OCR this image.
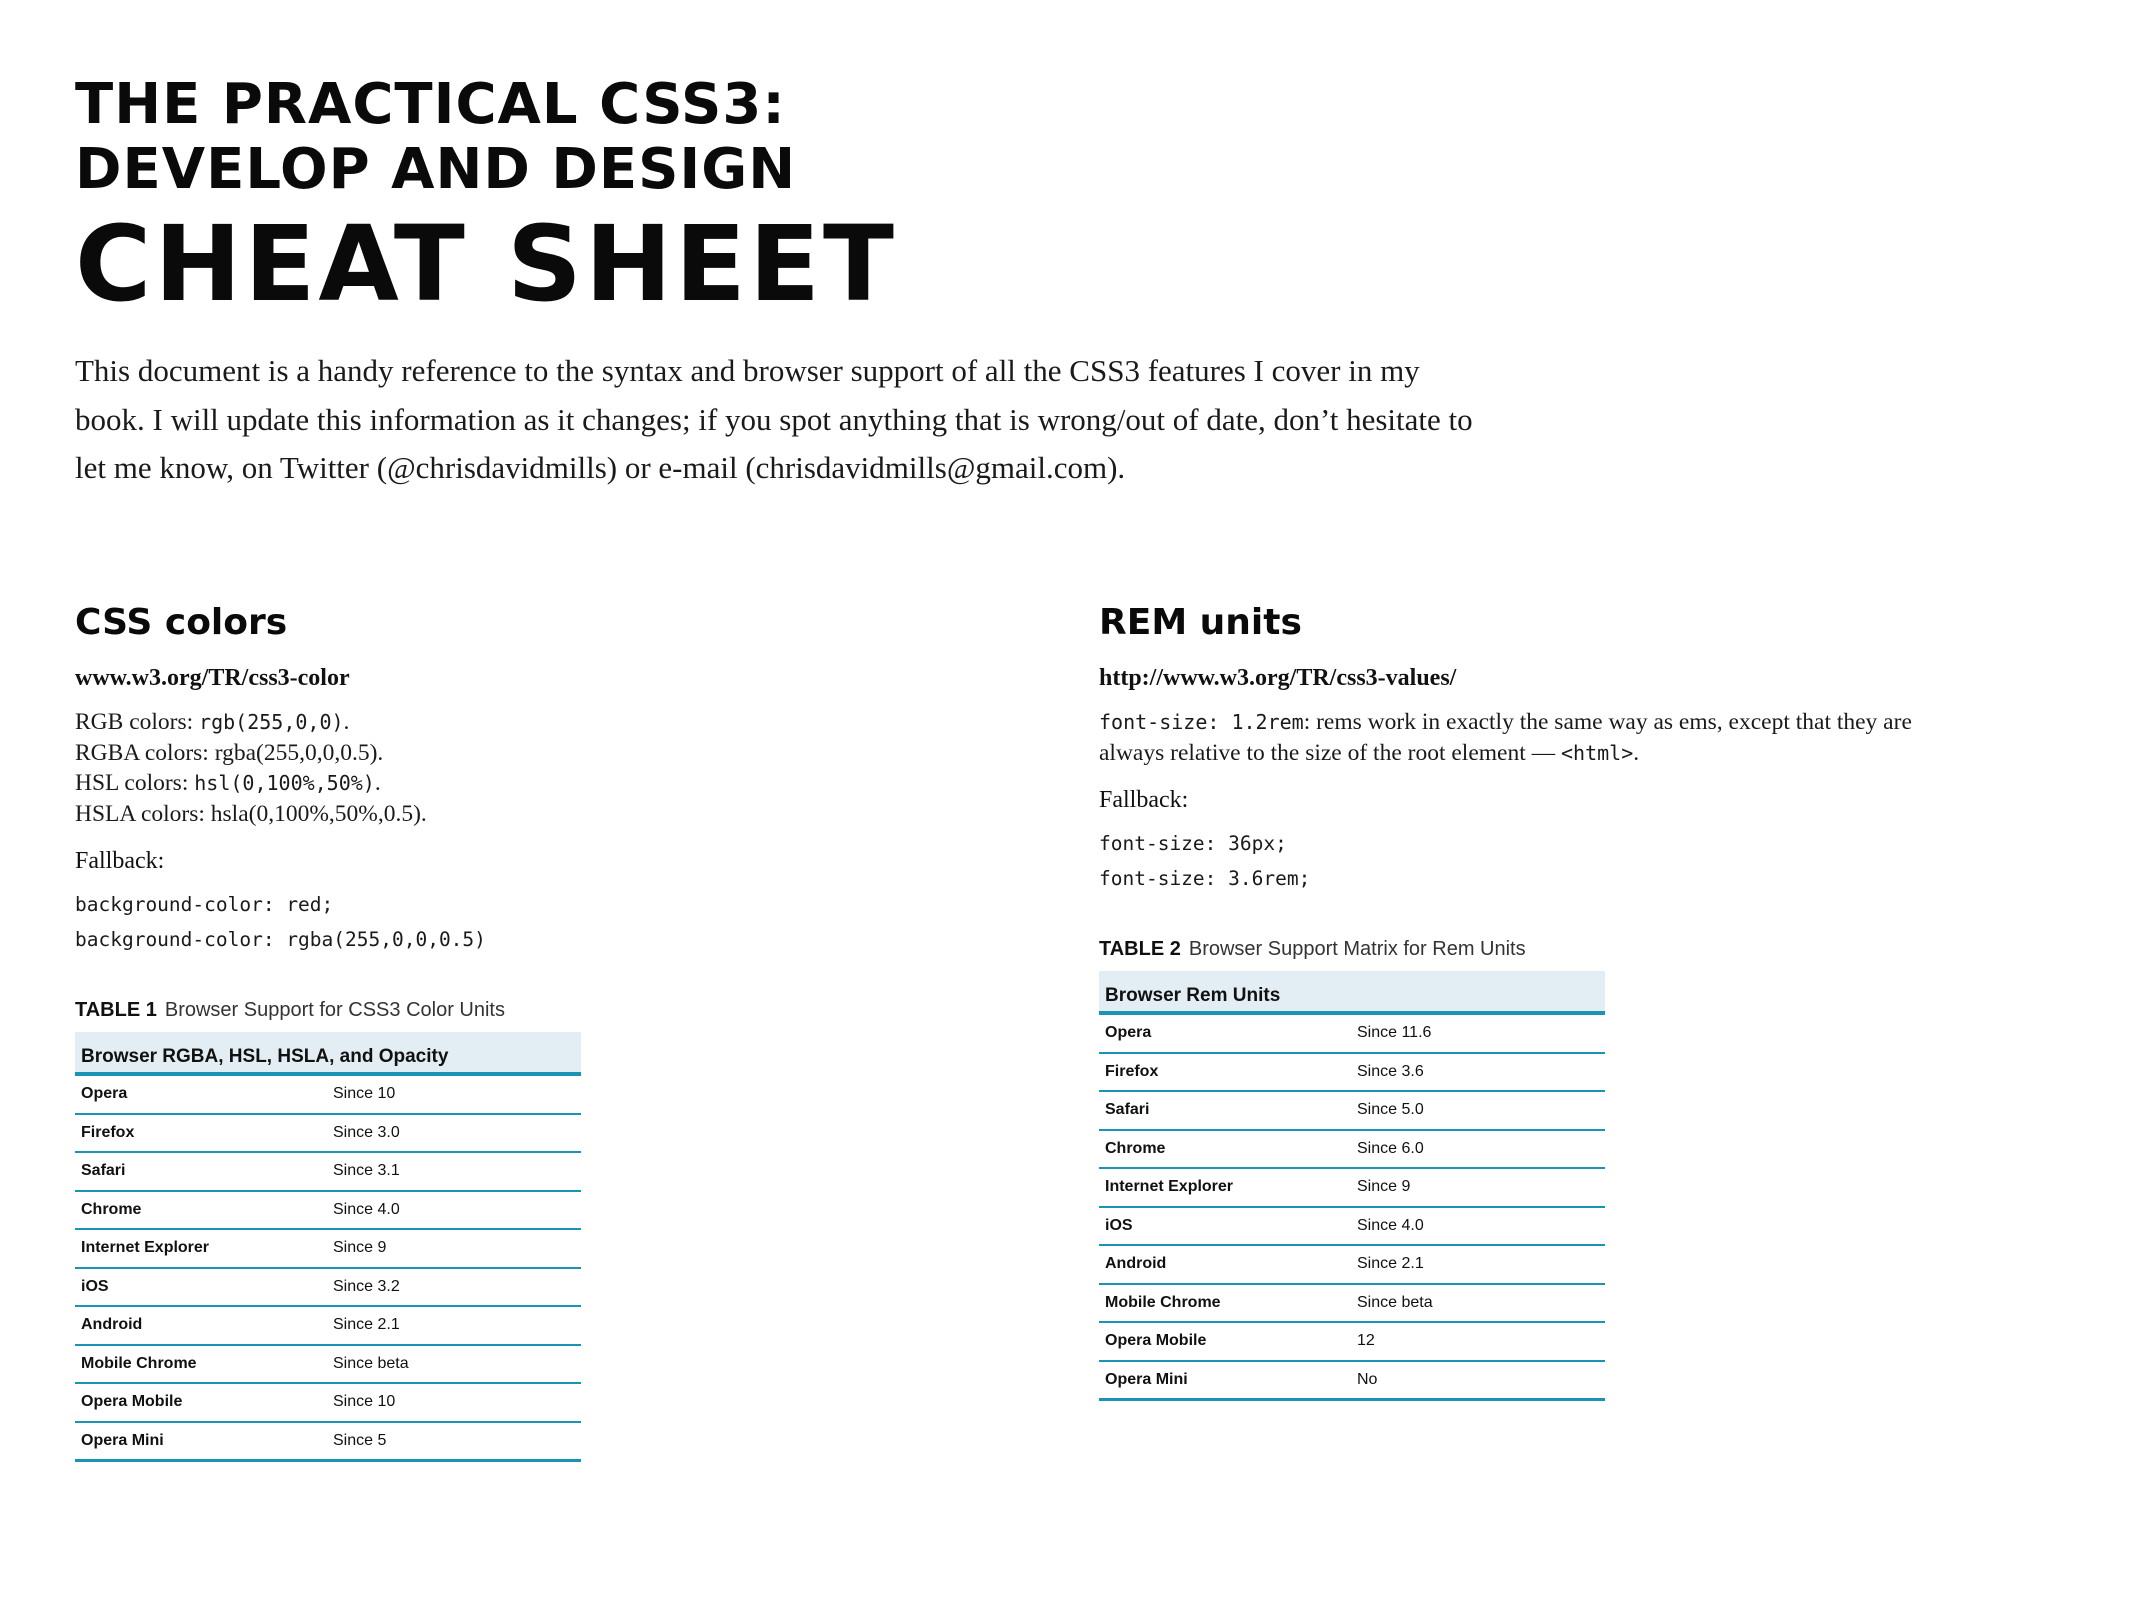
THE PRACTICAL CSS3:
DEVELOP AND DESIGN
CHEAT SHEET
This document is a handy reference to the syntax and browser support of all the CSS3 features I cover in my book. I will update this information as it changes; if you spot anything that is wrong/out of date, don’t hesitate to let me know, on Twitter (@chrisdavidmills) or e-mail (chrisdavidmills@gmail.com).
CSS colors
www.w3.org/TR/css3-color
RGB colors: rgb(255,0,0).
RGBA colors: rgba(255,0,0,0.5).
HSL colors: hsl(0,100%,50%).
HSLA colors: hsla(0,100%,50%,0.5).
Fallback:
background-color: red;
background-color: rgba(255,0,0,0.5)
TABLE 1 Browser Support for CSS3 Color Units
Browser RGBA, HSL, HSLA, and Opacity	
Opera	Since 10
Firefox	Since 3.0
Safari	Since 3.1
Chrome	Since 4.0
Internet Explorer	Since 9
iOS	Since 3.2
Android	Since 2.1
Mobile Chrome	Since beta
Opera Mobile	Since 10
Opera Mini	Since 5
REM units
http://www.w3.org/TR/css3-values/
font-size: 1.2rem: rems work in exactly the same way as ems, except that they are always relative to the size of the root element — <html>.
Fallback:
font-size: 36px;
font-size: 3.6rem;
TABLE 2 Browser Support Matrix for Rem Units
Browser Rem Units	
Opera	Since 11.6
Firefox	Since 3.6
Safari	Since 5.0
Chrome	Since 6.0
Internet Explorer	Since 9
iOS	Since 4.0
Android	Since 2.1
Mobile Chrome	Since beta
Opera Mobile	12
Opera Mini	No
